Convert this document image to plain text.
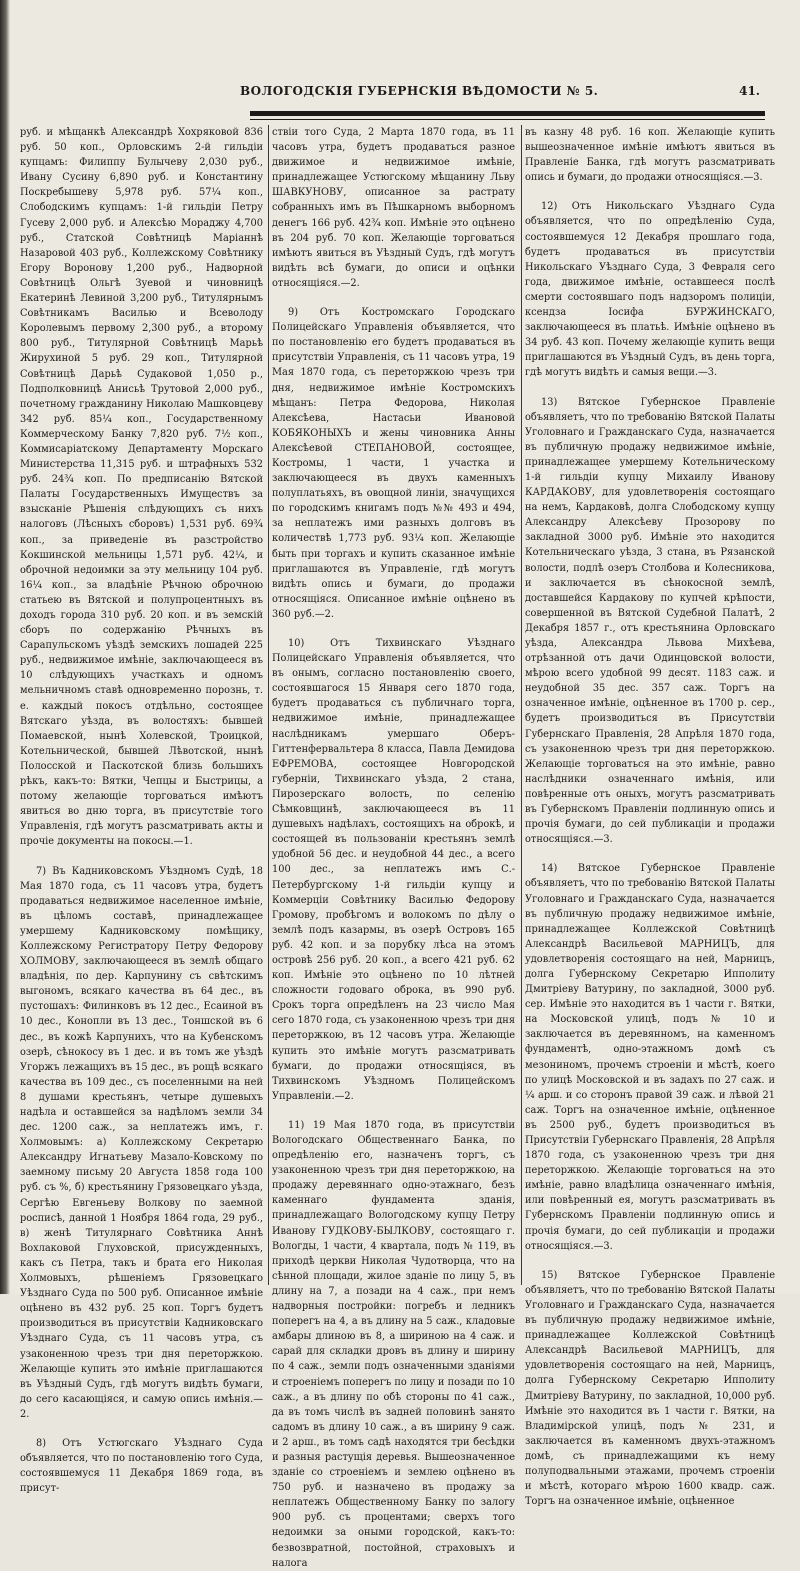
ВОЛОГОДСКІЯ ГУБЕРНСКІЯ ВѢДОМОСТИ № 5.	41.

руб. и мѣщанкѣ Александрѣ Хохряковой 836 руб. 50 коп., Орловскимъ 2-й гильдіи купцамъ: Филиппу Булычеву 2,030 руб., Ивану Сусину 6,890 руб. и Константину Поскребышеву 5,978 руб. 57¼ коп., Слободскимъ купцамъ: 1-й гильдіи Петру Гусеву 2,000 руб. и Алексѣю Мораджу 4,700 руб., Статской Совѣтницѣ Маріаннѣ Назаровой 403 руб., Коллежскому Совѣтнику Егору Воронову 1,200 руб., Надворной Совѣтницѣ Ольгѣ Зуевой и чиновницѣ Екатеринѣ Левиной 3,200 руб., Титулярнымъ Совѣтникамъ Василью и Всеволоду Королевымъ первому 2,300 руб., а второму 800 руб., Титулярной Совѣтницѣ Марьѣ Жирухиной 5 руб. 29 коп., Титулярной Совѣтницѣ Дарьѣ Судаковой 1,050 р., Подполковницѣ Анисьѣ Трутовой 2,000 руб., почетному гражданину Николаю Машковцеву 342 руб. 85¼ коп., Государственному Коммерческому Банку 7,820 руб. 7½ коп., Коммисаріатскому Департаменту Морскаго Министерства 11,315 руб. и штрафныхъ 532 руб. 24¾ коп. По предписанію Вятской Палаты Государственныхъ Имуществъ за взысканіе Рѣшенія слѣдующихъ съ нихъ налоговъ (Лѣсныхъ сборовъ) 1,531 руб. 69¾ коп., за приведеніе въ разстройство Кокшинской мельницы 1,571 руб. 42¼, и оброчной недоимки за эту мельницу 104 руб. 16¼ коп., за владѣніе Рѣчною оброчною статьею въ Вятской и полупроцентныхъ въ доходъ города 310 руб. 20 коп. и въ земскій сборъ по содержанію Рѣчныхъ въ Сарапульскомъ уѣздѣ земскихъ лошадей 225 руб., недвижимое имѣніе, заключающееся въ 10 слѣдующихъ участкахъ и одномъ мельничномъ ставѣ одновременно порознь, т. е. каждый покосъ отдѣльно, состоящее Вятскаго уѣзда, въ волостяхъ: бывшей Помаевской, нынѣ Холевской, Троицкой, Котельнической, бывшей Лѣвотской, нынѣ Полосской и Паскотской близь большихъ рѣкъ, какъ-то: Вятки, Чепцы и Быстрицы, а потому желающіе торговаться имѣютъ явиться во дню торга, въ присутствіе того Управленія, гдѣ могутъ разсматривать акты и прочіе документы на покосы.—1.

7) Въ Кадниковскомъ Уѣздномъ Судѣ, 18 Мая 1870 года, съ 11 часовъ утра, будетъ продаваться недвижимое населенное имѣніе, въ цѣломъ составѣ, принадлежащее умершему Кадниковскому помѣщику, Коллежскому Регистратору Петру Федорову ХОЛМОВУ, заключающееся въ землѣ общаго владѣнія, по дер. Карпунину съ свѣтскимъ выгономъ, всякаго качества въ 64 дес., въ пустошахъ: Филинковъ въ 12 дес., Есаиной въ 10 дес., Конопли въ 13 дес., Тоншской въ 6 дес., въ кожѣ Карпунихъ, что на Кубенскомъ озерѣ, сѣнокосу въ 1 дес. и въ томъ же уѣздѣ Угоржъ лежащихъ въ 15 дес., въ рощѣ всякаго качества въ 109 дес., съ поселенными на ней 8 душами крестьянъ, четыре душевыхъ надѣла и оставшейся за надѣломъ земли 34 дес. 1200 саж., за неплатежъ имъ, г. Холмовымъ: а) Коллежскому Секретарю Александру Игнатьеву Мазало-Ковскому по заемному письму 20 Августа 1858 года 100 руб. съ %, б) крестьянину Грязовецкаго уѣзда, Сергѣю Евгеньеву Волкову по заемной росписѣ, данной 1 Ноября 1864 года, 29 руб., в) женѣ Титулярнаго Совѣтника Аннѣ Вохлаковой Глуховской, присужденныхъ, какъ съ Петра, такъ и брата его Николая Холмовыхъ, рѣшеніемъ Грязовецкаго Уѣзднаго Суда по 500 руб. Описанное имѣніе оцѣнено въ 432 руб. 25 коп. Торгъ будетъ производиться въ присутствіи Кадниковскаго Уѣзднаго Суда, съ 11 часовъ утра, съ узаконенною чрезъ три дня переторжкою. Желающіе купить это имѣніе приглашаются въ Уѣздный Судъ, гдѣ могутъ видѣть бумаги, до сего касающіяся, и самую опись имѣнія.—2.

8) Отъ Устюгскаго Уѣзднаго Суда объявляется, что по постановленію того Суда, состоявшемуся 11 Декабря 1869 года, въ присут-

ствіи того Суда, 2 Марта 1870 года, въ 11 часовъ утра, будетъ продаваться разное движимое и недвижимое имѣніе, принадлежащее Устюгскому мѣщанину Льву ШАВКУНОВУ, описанное за растрату собранныхъ имъ въ Пѣшкарномъ выборномъ денегъ 166 руб. 42¾ коп. Имѣніе это оцѣнено въ 204 руб. 70 коп. Желающіе торговаться имѣютъ явиться въ Уѣздный Судъ, гдѣ могутъ видѣть всѣ бумаги, до описи и оцѣнки относящіяся.—2.

9) Отъ Костромскаго Городскаго Полицейскаго Управленія объявляется, что по постановленію его будетъ продаваться въ присутствіи Управленія, съ 11 часовъ утра, 19 Мая 1870 года, съ переторжкою чрезъ три дня, недвижимое имѣніе Костромскихъ мѣщанъ: Петра Федорова, Николая Алексѣева, Настасьи Ивановой КОБЯКОНЫХЪ и жены чиновника Анны Алексѣевой СТЕПАНОВОЙ, состоящее, Костромы, 1 части, 1 участка и заключающееся въ двухъ каменныхъ полуплатьяхъ, въ овощной линіи, значущихся по городскимъ книгамъ подъ №№ 493 и 494, за неплатежъ ими разныхъ долговъ въ количествѣ 1,773 руб. 93¼ коп. Желающіе быть при торгахъ и купить сказанное имѣніе приглашаются въ Управленіе, гдѣ могутъ видѣть опись и бумаги, до продажи относящіяся. Описанное имѣніе оцѣнено въ 360 руб.—2.

10) Отъ Тихвинскаго Уѣзднаго Полицейскаго Управленія объявляется, что въ онымъ, согласно постановленію своего, состоявшагося 15 Января сего 1870 года, будетъ продаваться съ публичнаго торга, недвижимое имѣніе, принадлежащее наслѣдникамъ умершаго Оберъ-Гиттенфервальтера 8 класса, Павла Демидова ЕФРЕМОВА, состоящее Новгородской губерніи, Тихвинскаго уѣзда, 2 стана, Пирозерскаго волость, по селенію Сѣмковщинѣ, заключающееся въ 11 душевыхъ надѣлахъ, состоящихъ на оброкѣ, и состоящей въ пользованіи крестьянъ землѣ удобной 56 дес. и неудобной 44 дес., а всего 100 дес., за неплатежъ имъ С.-Петербургскому 1-й гильдіи купцу и Коммерціи Совѣтнику Василью Федорову Громову, пробѣгомъ и волокомъ по дѣлу о землѣ подъ казармы, въ озерѣ Островъ 165 руб. 42 коп. и за порубку лѣса на этомъ островѣ 256 руб. 20 коп., а всего 421 руб. 62 коп. Имѣніе это оцѣнено по 10 лѣтней сложности годоваго оброка, въ 990 руб. Срокъ торга опредѣленъ на 23 число Мая сего 1870 года, съ узаконенною чрезъ три дня переторжкою, въ 12 часовъ утра. Желающіе купить это имѣніе могутъ разсматривать бумаги, до продажи относящіяся, въ Тихвинскомъ Уѣздномъ Полицейскомъ Управленіи.—2.

11) 19 Мая 1870 года, въ присутствіи Вологодскаго Общественнаго Банка, по опредѣленію его, назначенъ торгъ, съ узаконенною чрезъ три дня переторжкою, на продажу деревяннаго одно-этажнаго, безъ каменнаго фундамента зданія, принадлежащаго Вологодскому купцу Петру Иванову ГУДКОВУ-БЫЛКОВУ, состоящаго г. Вологды, 1 части, 4 квартала, подъ № 119, въ приходѣ церкви Николая Чудотворца, что на сѣнной площади, жилое зданіе по лицу 5, въ длину на 7, а позади на 4 саж., при немъ надворныя постройки: погребъ и ледникъ поперегъ на 4, а въ длину на 5 саж., кладовые амбары длиною въ 8, а шириною на 4 саж. и сарай для складки дровъ въ длину и ширину по 4 саж., земли подъ означенными зданіями и строеніемъ поперегъ по лицу и позади по 10 саж., а въ длину по обѣ стороны по 41 саж., да въ томъ числѣ въ задней половинѣ занято садомъ въ длину 10 саж., а въ ширину 9 саж. и 2 арш., въ томъ садѣ находятся три бесѣдки и разныя растущія деревья. Вышеозначенное зданіе со строеніемъ и землею оцѣнено въ 750 руб. и назначено въ продажу за неплатежъ Общественному Банку по залогу 900 руб. съ процентами; сверхъ того недоимки за оными городской, какъ-то: безвозвратной, постойной, страховыхъ и налога

въ казну 48 руб. 16 коп. Желающіе купить вышеозначенное имѣніе имѣютъ явиться въ Правленіе Банка, гдѣ могутъ разсматривать опись и бумаги, до продажи относящіяся.—3.

12) Отъ Никольскаго Уѣзднаго Суда объявляется, что по опредѣленію Суда, состоявшемуся 12 Декабря прошлаго года, будетъ продаваться въ присутствіи Никольскаго Уѣзднаго Суда, 3 Февраля сего года, движимое имѣніе, оставшееся послѣ смерти состоявшаго подъ надзоромъ полиціи, ксендза Іосифа БУРЖИНСКАГО, заключающееся въ платьѣ. Имѣніе оцѣнено въ 34 руб. 43 коп. Почему желающіе купить вещи приглашаются въ Уѣздный Судъ, въ день торга, гдѣ могутъ видѣть и самыя вещи.—3.

13) Вятское Губернское Правленіе объявляетъ, что по требованію Вятской Палаты Уголовнаго и Гражданскаго Суда, назначается въ публичную продажу недвижимое имѣніе, принадлежащее умершему Котельническому 1-й гильдіи купцу Михаилу Иванову КАРДАКОВУ, для удовлетворенія состоящаго на немъ, Кардаковѣ, долга Слободскому купцу Александру Алексѣеву Прозорову по закладной 3000 руб. Имѣніе это находится Котельническаго уѣзда, 3 стана, въ Рязанской волости, подлѣ озеръ Столбова и Колесникова, и заключается въ сѣнокосной землѣ, доставшейся Кардакову по купчей крѣпости, совершенной въ Вятской Судебной Палатѣ, 2 Декабря 1857 г., отъ крестьянина Орловскаго уѣзда, Александра Львова Михѣева, отрѣзанной отъ дачи Одинцовской волости, мѣрою всего удобной 99 десят. 1183 саж. и неудобной 35 дес. 357 саж. Торгъ на означенное имѣніе, оцѣненное въ 1700 р. сер., будетъ производиться въ Присутствіи Губернскаго Правленія, 28 Апрѣля 1870 года, съ узаконенною чрезъ три дня переторжкою. Желающіе торговаться на это имѣніе, равно наслѣдники означеннаго имѣнія, или повѣренные отъ оныхъ, могутъ разсматривать въ Губернскомъ Правленіи подлинную опись и прочія бумаги, до сей публикаціи и продажи относящіяся.—3.

14) Вятское Губернское Правленіе объявляетъ, что по требованію Вятской Палаты Уголовнаго и Гражданскаго Суда, назначается въ публичную продажу недвижимое имѣніе, принадлежащее Коллежской Совѣтницѣ Александрѣ Васильевой МАРНИЦЪ, для удовлетворенія состоящаго на ней, Марницъ, долга Губернскому Секретарю Ипполиту Дмитріеву Ватурину, по закладной, 3000 руб. сер. Имѣніе это находится въ 1 части г. Вятки, на Московской улицѣ, подъ № 10 и заключается въ деревянномъ, на каменномъ фундаментѣ, одно-этажномъ домѣ съ мезониномъ, прочемъ строеніи и мѣстѣ, коего по улицѣ Московской и въ задахъ по 27 саж. и ¼ арш. и со сторонъ правой 39 саж. и лѣвой 21 саж. Торгъ на означенное имѣніе, оцѣненное въ 2500 руб., будетъ производиться въ Присутствіи Губернскаго Правленія, 28 Апрѣля 1870 года, съ узаконенною чрезъ три дня переторжкою. Желающіе торговаться на это имѣніе, равно владѣлица означеннаго имѣнія, или повѣренный ея, могутъ разсматривать въ Губернскомъ Правленіи подлинную опись и прочія бумаги, до сей публикаціи и продажи относящіяся.—3.

15) Вятское Губернское Правленіе объявляетъ, что по требованію Вятской Палаты Уголовнаго и Гражданскаго Суда, назначается въ публичную продажу недвижимое имѣніе, принадлежащее Коллежской Совѣтницѣ Александрѣ Васильевой МАРНИЦЪ, для удовлетворенія состоящаго на ней, Марницъ, долга Губернскому Секретарю Ипполиту Дмитріеву Ватурину, по закладной, 10,000 руб. Имѣніе это находится въ 1 части г. Вятки, на Владимірской улицѣ, подъ № 231, и заключается въ каменномъ двухъ-этажномъ домѣ, съ принадлежащими къ нему полуподвальными этажами, прочемъ строеніи и мѣстѣ, котораго мѣрою 1600 квадр. саж. Торгъ на означенное имѣніе, оцѣненное
